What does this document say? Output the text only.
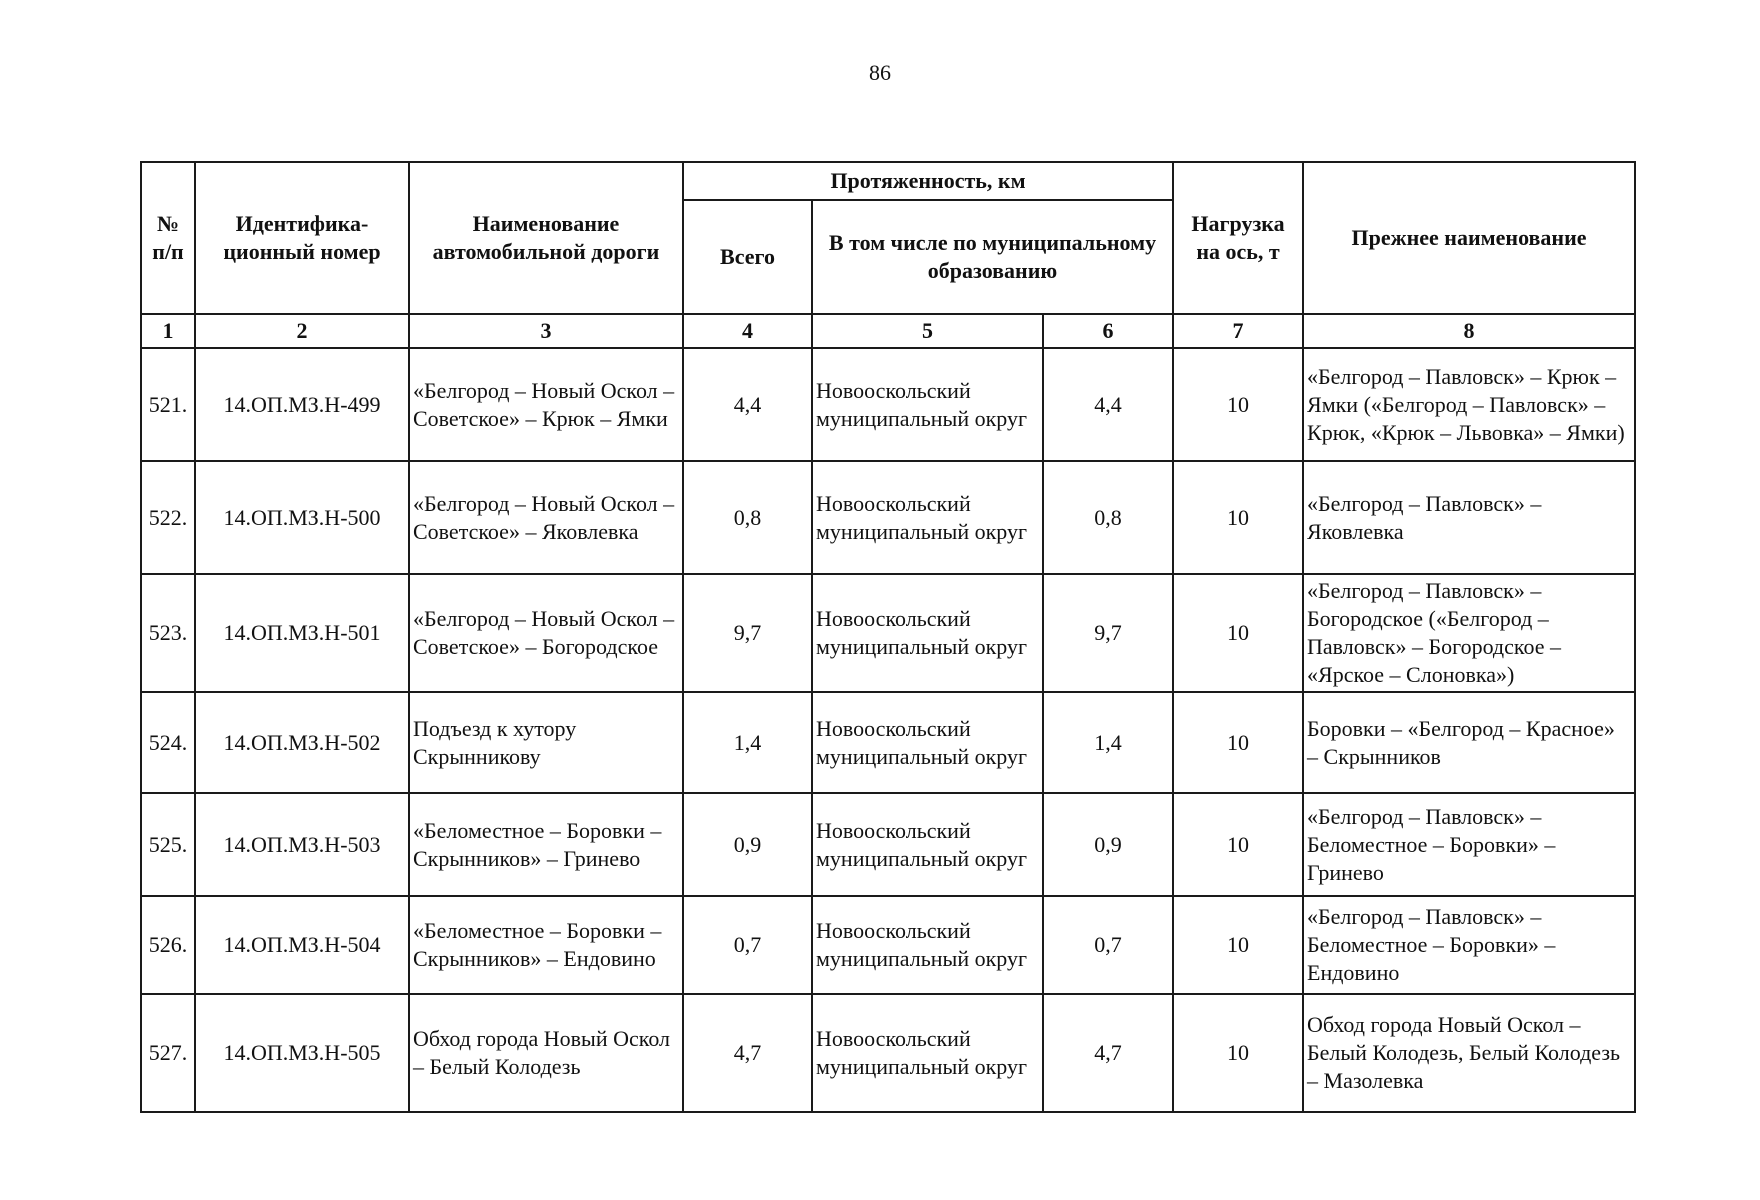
86
№ п/п	Идентифика-ционный номер	Наименование автомобильной дороги	Протяженность, км			Нагрузка на ось, т	Прежнее наименование
			Всего	В том числе по муниципальному образованию			
1	2	3	4	5	6	7	8
521.	14.ОП.МЗ.Н-499	«Белгород – Новый Оскол – Советское» – Крюк – Ямки	4,4	Новооскольский муниципальный округ	4,4	10	«Белгород – Павловск» – Крюк – Ямки («Белгород – Павловск» – Крюк, «Крюк – Львовка» – Ямки)
522.	14.ОП.МЗ.Н-500	«Белгород – Новый Оскол – Советское» – Яковлевка	0,8	Новооскольский муниципальный округ	0,8	10	«Белгород – Павловск» – Яковлевка
523.	14.ОП.МЗ.Н-501	«Белгород – Новый Оскол – Советское» – Богородское	9,7	Новооскольский муниципальный округ	9,7	10	«Белгород – Павловск» – Богородское («Белгород – Павловск» – Богородское – «Ярское – Слоновка»)
524.	14.ОП.МЗ.Н-502	Подъезд к хутору Скрынникову	1,4	Новооскольский муниципальный округ	1,4	10	Боровки – «Белгород – Красное» – Скрынников
525.	14.ОП.МЗ.Н-503	«Беломестное – Боровки – Скрынников» – Гринево	0,9	Новооскольский муниципальный округ	0,9	10	«Белгород – Павловск» – Беломестное – Боровки» – Гринево
526.	14.ОП.МЗ.Н-504	«Беломестное – Боровки – Скрынников» – Ендовино	0,7	Новооскольский муниципальный округ	0,7	10	«Белгород – Павловск» – Беломестное – Боровки» – Ендовино
527.	14.ОП.МЗ.Н-505	Обход города Новый Оскол – Белый Колодезь	4,7	Новооскольский муниципальный округ	4,7	10	Обход города Новый Оскол – Белый Колодезь, Белый Колодезь – Мазолевка
